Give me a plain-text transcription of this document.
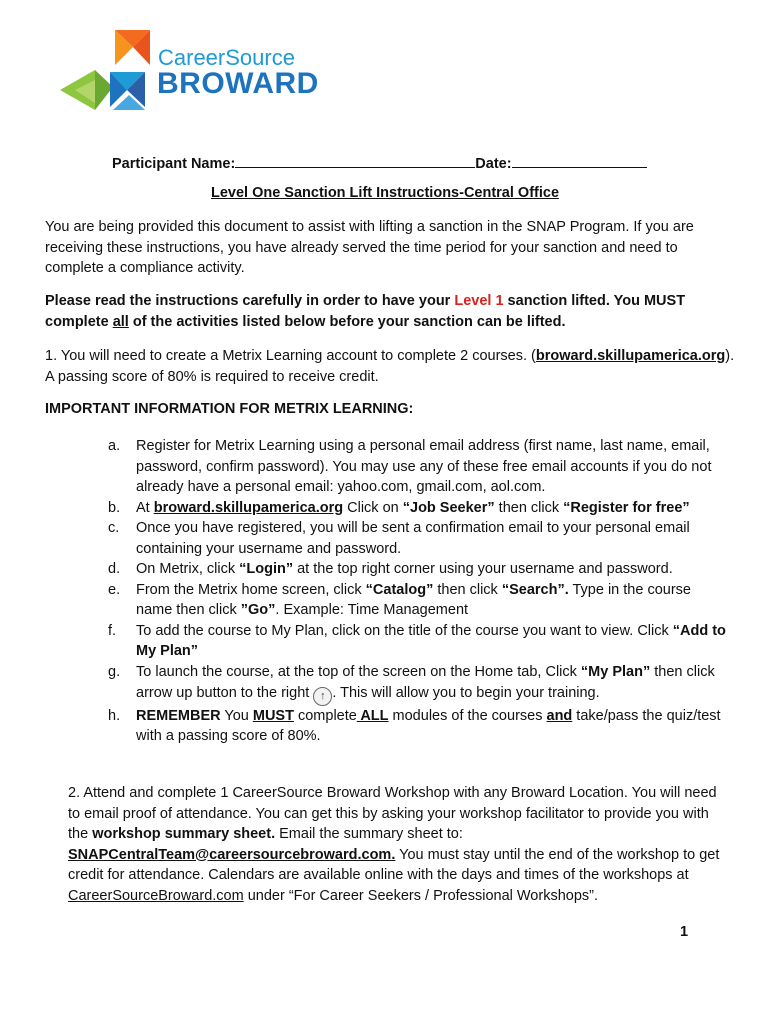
CareerSource
BROWARD
Participant Name:	Date:
Level One Sanction Lift Instructions-Central Office
You are being provided this document to assist with lifting a sanction in the SNAP Program. If you are receiving these instructions, you have already served the time period for your sanction and need to complete a compliance activity.
Please read the instructions carefully in order to have your Level 1 sanction lifted. You MUST complete all of the activities listed below before your sanction can be lifted.
1. You will need to create a Metrix Learning account to complete 2 courses. (broward.skillupamerica.org). A passing score of 80% is required to receive credit.
IMPORTANT INFORMATION FOR METRIX LEARNING:
a.	Register for Metrix Learning using a personal email address (first name, last name, email, password, confirm password). You may use any of these free email accounts if you do not already have a personal email: yahoo.com, gmail.com, aol.com.
b.	At broward.skillupamerica.org Click on “Job Seeker” then click “Register for free”
c.	Once you have registered, you will be sent a confirmation email to your personal email containing your username and password.
d.	On Metrix, click “Login” at the top right corner using your username and password.
e.	From the Metrix home screen, click “Catalog” then click “Search”. Type in the course name then click ”Go”. Example: Time Management
f.	To add the course to My Plan, click on the title of the course you want to view. Click “Add to My Plan”
g.	To launch the course, at the top of the screen on the Home tab, Click “My Plan” then click arrow up button to the right ↑ . This will allow you to begin your training.
h.	REMEMBER You MUST complete ALL modules of the courses and take/pass the quiz/test with a passing score of 80%.
2. Attend and complete 1 CareerSource Broward Workshop with any Broward Location. You will need to email proof of attendance. You can get this by asking your workshop facilitator to provide you with the workshop summary sheet. Email the summary sheet to: SNAPCentralTeam@careersourcebroward.com. You must stay until the end of the workshop to get credit for attendance. Calendars are available online with the days and times of the workshops at CareerSourceBroward.com under “For Career Seekers / Professional Workshops”.
1
